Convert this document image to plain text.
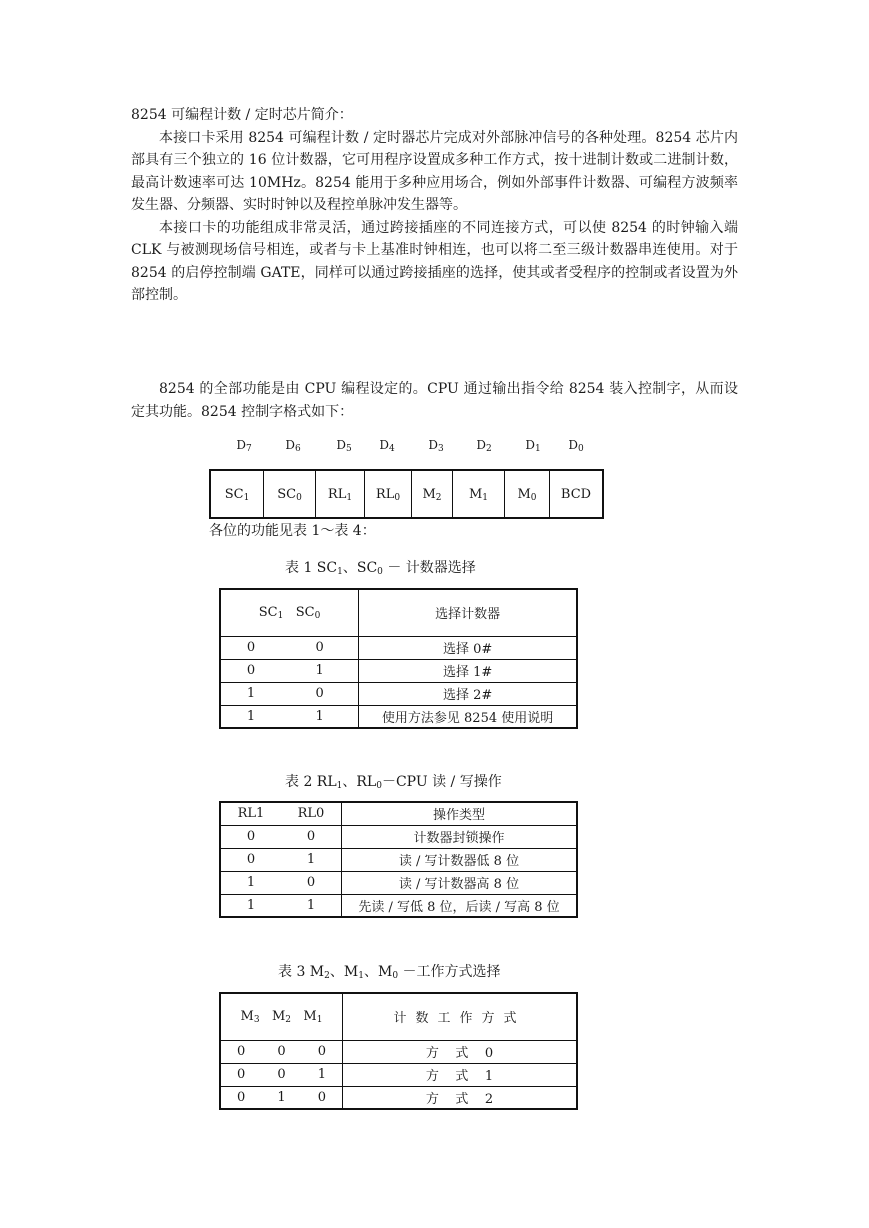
8254 可编程计数 / 定时芯片简介：

本接口卡采用 8254 可编程计数 / 定时器芯片完成对外部脉冲信号的各种处理。8254 芯片内部具有三个独立的 16 位计数器，它可用程序设置成多种工作方式，按十进制计数或二进制计数，最高计数速率可达 10MHz。8254 能用于多种应用场合，例如外部事件计数器、可编程方波频率发生器、分频器、实时时钟以及程控单脉冲发生器等。

本接口卡的功能组成非常灵活，通过跨接插座的不同连接方式，可以使 8254 的时钟输入端 CLK 与被测现场信号相连，或者与卡上基准时钟相连，也可以将二至三级计数器串连使用。对于 8254 的启停控制端 GATE，同样可以通过跨接插座的选择，使其或者受程序的控制或者设置为外部控制。

8254 的全部功能是由 CPU 编程设定的。CPU 通过输出指令给 8254 装入控制字，从而设定其功能。8254 控制字格式如下：

$D_7$	$D_6$	$D_5$	$D_4$	$D_3$	$D_2$	$D_1$	$D_0$
$SC_1$	$SC_0$	$RL_1$	$RL_0$	$M_2$	$M_1$	$M_0$	BCD
各位的功能见表 1～表 4：
表 1 $SC_1$、$SC_0$ － 计数器选择
$SC_1$ $SC_0$		选择计数器
0	0	选择 0#
0	1	选择 1#
1	0	选择 2#
1	1	使用方法参见 8254 使用说明
表 2 $RL_1$、$RL_0-CPU$ 读 / 写操作
RL1	RL0	操作类型
0	0	计数器封锁操作
0	1	读 / 写计数器低 8 位
1	0	读 / 写计数器高 8 位
1	1	先读 / 写低 8 位，后读 / 写高 8 位
表 3 $M_2$、$M_1$、$M_0$ －工作方式选择
$M_3$ $M_2$ $M_1$			计数工作方式
0	0	0	方    式    0
0	0	1	方    式    1
0	1	0	方    式    2
